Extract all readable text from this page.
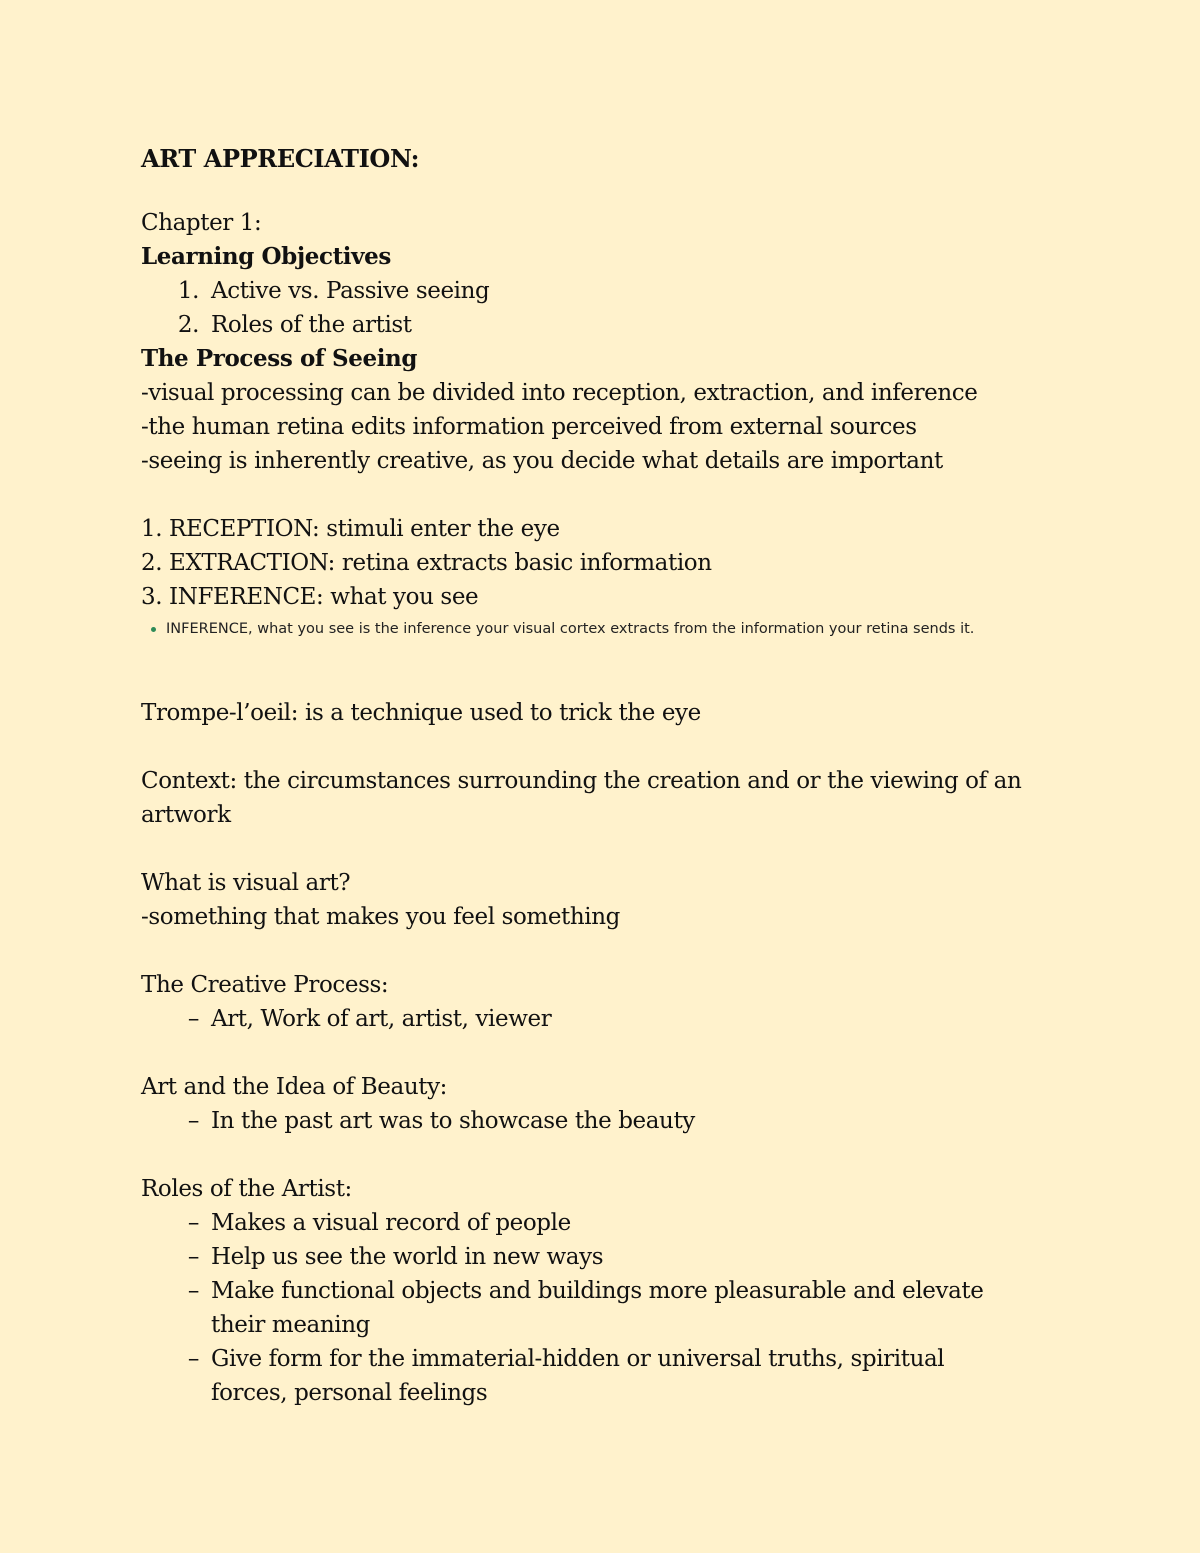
ART APPRECIATION:
Chapter 1:
Learning Objectives
1. Active vs. Passive seeing
2. Roles of the artist
The Process of Seeing
-visual processing can be divided into reception, extraction, and inference
-the human retina edits information perceived from external sources
-seeing is inherently creative, as you decide what details are important
1. RECEPTION: stimuli enter the eye
2. EXTRACTION: retina extracts basic information
3. INFERENCE: what you see
INFERENCE, what you see is the inference your visual cortex extracts from the information your retina sends it.
Trompe-l’oeil: is a technique used to trick the eye
Context: the circumstances surrounding the creation and or the viewing of an artwork
What is visual art?
-something that makes you feel something
The Creative Process:
– Art, Work of art, artist, viewer
Art and the Idea of Beauty:
– In the past art was to showcase the beauty
Roles of the Artist:
– Makes a visual record of people
– Help us see the world in new ways
– Make functional objects and buildings more pleasurable and elevate their meaning
– Give form for the immaterial-hidden or universal truths, spiritual forces, personal feelings
